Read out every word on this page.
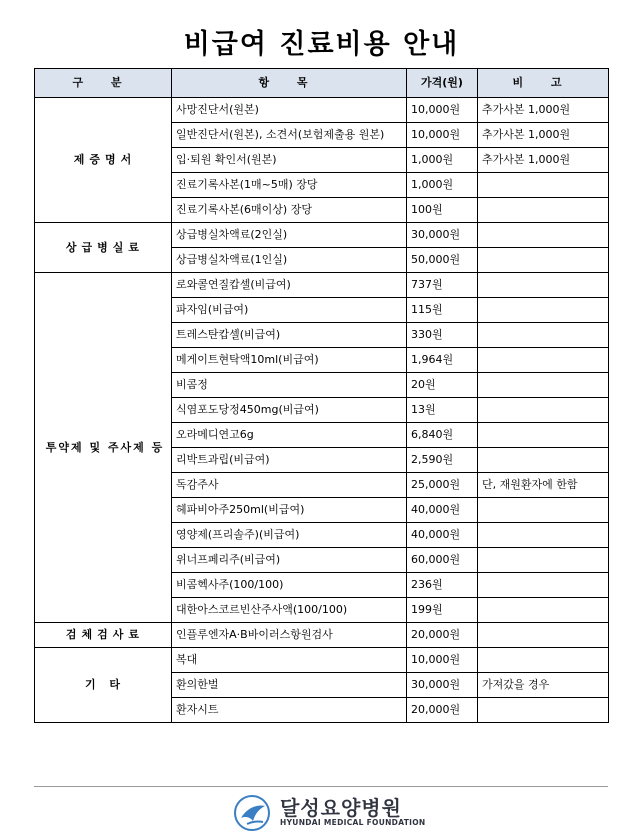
비급여 진료비용 안내
구 분	항 목	가격(원)	비 고
제증명서	사망진단서(원본)	10,000원	추가사본 1,000원
	일반진단서(원본), 소견서(보험제출용 원본)	10,000원	추가사본 1,000원
	입·퇴원 확인서(원본)	1,000원	추가사본 1,000원
	진료기록사본(1매~5매) 장당	1,000원	
	진료기록사본(6매이상) 장당	100원	
상급병실료	상급병실차액료(2인실)	30,000원	
	상급병실차액료(1인실)	50,000원	
투약제 및 주사제 등	로와콜연질캅셀(비급여)	737원	
	파자임(비급여)	115원	
	트레스탄캅셀(비급여)	330원	
	메게이트현탁액10ml(비급여)	1,964원	
	비콤정	20원	
	식염포도당정450mg(비급여)	13원	
	오라메디연고6g	6,840원	
	리박트과립(비급여)	2,590원	
	독감주사	25,000원	단, 재원환자에 한함
	헤파비아주250ml(비급여)	40,000원	
	영양제(프리솔주)(비급여)	40,000원	
	위너프페리주(비급여)	60,000원	
	비콤헥사주(100/100)	236원	
	대한아스코르빈산주사액(100/100)	199원	
검체검사료	인플루엔자A·B바이러스항원검사	20,000원	
기 타	복대	10,000원	
	환의한벌	30,000원	가져갔을 경우
	환자시트	20,000원	
달성요양병원
HYUNDAI MEDICAL FOUNDATION
